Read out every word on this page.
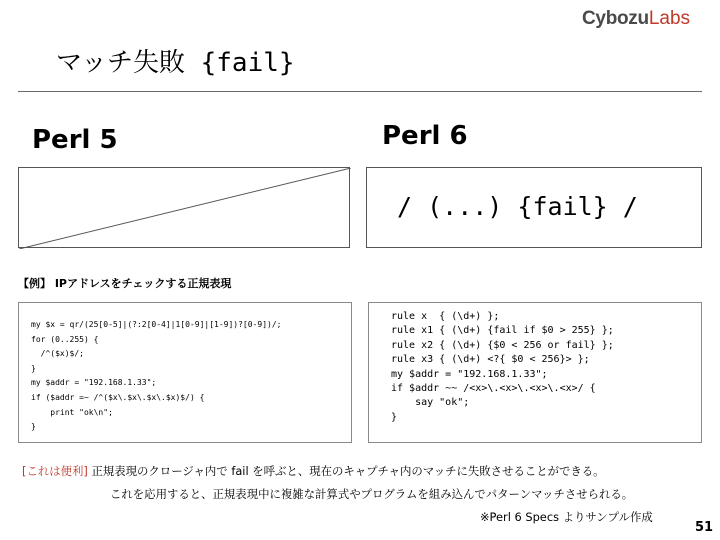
CybozuLabs
マッチ失敗 {fail}
Perl 5	Perl 6
/ (...) {fail} /
【例】 IPアドレスをチェックする正規表現
my $x = qr/(25[0-5]|(?:2[0-4]|1[0-9]|[1-9])?[0-9])/;
for (0..255) {
/^($x)$/;
}
my $addr = "192.168.1.33";
if ($addr =~ /^($x\.$x\.$x\.$x)$/) {
print "ok\n";
}
rule x  { (\d+) };
rule x1 { (\d+) {fail if $0 > 255} };
rule x2 { (\d+) {$0 < 256 or fail} };
rule x3 { (\d+) <?{ $0 < 256}> };
my $addr = "192.168.1.33";
if $addr ~~ /<x>\.<x>\.<x>\.<x>/ {
say "ok";
}
[これは便利] 正規表現のクロージャ内で fail を呼ぶと、現在のキャプチャ内のマッチに失敗させることができる。
これを応用すると、正規表現中に複雑な計算式やプログラムを組み込んでパターンマッチさせられる。
※Perl 6 Specs よりサンプル作成
51
